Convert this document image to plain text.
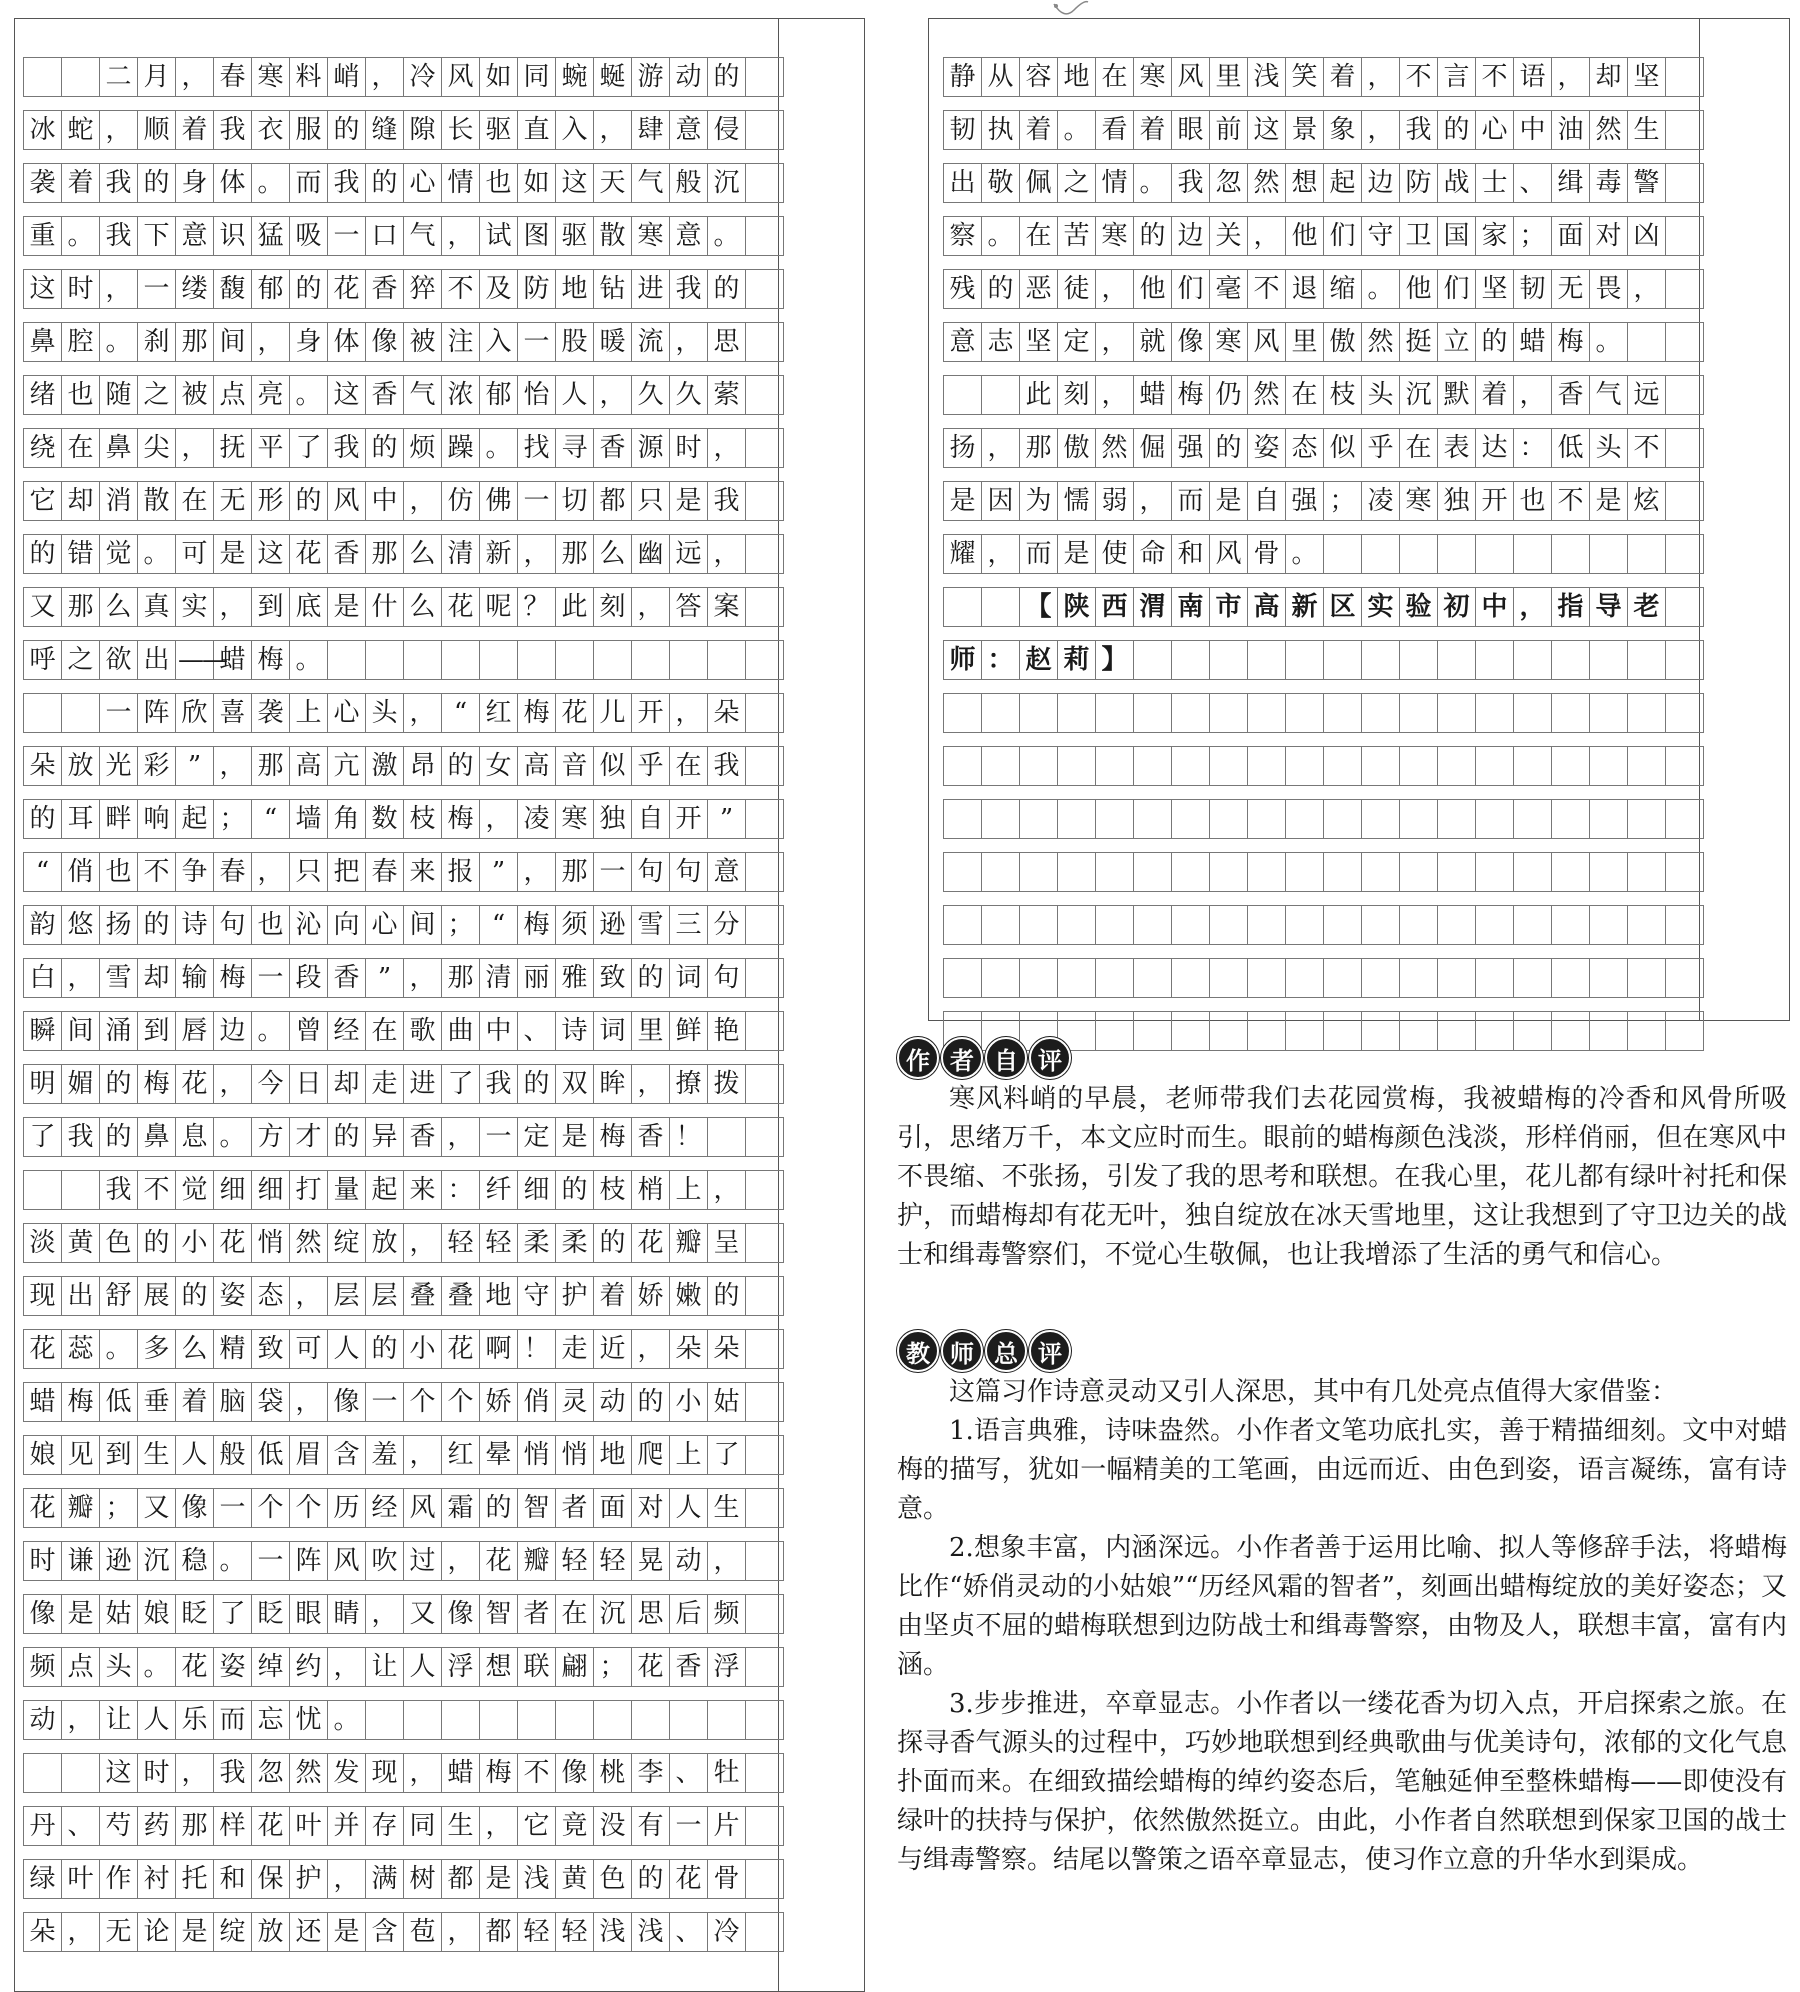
二 月 ， 春 寒 料 峭 ， 冷 风 如 同 蜿 蜒 游 动 的
冰 蛇 ， 顺 着 我 衣 服 的 缝 隙 长 驱 直 入 ， 肆 意 侵
袭 着 我 的 身 体 。 而 我 的 心 情 也 如 这 天 气 般 沉
重 。 我 下 意 识 猛 吸 一 口 气 ， 试 图 驱 散 寒 意 。
这 时 ， 一 缕 馥 郁 的 花 香 猝 不 及 防 地 钻 进 我 的
鼻 腔 。 刹 那 间 ， 身 体 像 被 注 入 一 股 暖 流 ， 思
绪 也 随 之 被 点 亮 。 这 香 气 浓 郁 怡 人 ， 久 久 萦
绕 在 鼻 尖 ， 抚 平 了 我 的 烦 躁 。 找 寻 香 源 时 ，
它 却 消 散 在 无 形 的 风 中 ， 仿 佛 一 切 都 只 是 我
的 错 觉 。 可 是 这 花 香 那 么 清 新 ， 那 么 幽 远 ，
又 那 么 真 实 ， 到 底 是 什 么 花 呢 ？ 此 刻 ， 答 案
呼 之 欲 出 ——
蜡 梅 。
一 阵 欣 喜 袭 上 心 头 ， “ 红 梅 花 儿 开 ， 朵
朵 放 光 彩 ” ， 那 高 亢 激 昂 的 女 高 音 似 乎 在 我
的 耳 畔 响 起 ； “ 墙 角 数 枝 梅 ， 凌 寒 独 自 开 ”
“ 俏 也 不 争 春 ， 只 把 春 来 报 ” ， 那 一 句 句 意
韵 悠 扬 的 诗 句 也 沁 向 心 间 ； “ 梅 须 逊 雪 三 分
白 ， 雪 却 输 梅 一 段 香 ” ， 那 清 丽 雅 致 的 词 句
瞬 间 涌 到 唇 边 。 曾 经 在 歌 曲 中 、 诗 词 里 鲜 艳
明 媚 的 梅 花 ， 今 日 却 走 进 了 我 的 双 眸 ， 撩 拨
了 我 的 鼻 息 。 方 才 的 异 香 ， 一 定 是 梅 香 ！
我 不 觉 细 细 打 量 起 来 ： 纤 细 的 枝 梢 上 ，
淡 黄 色 的 小 花 悄 然 绽 放 ， 轻 轻 柔 柔 的 花 瓣 呈
现 出 舒 展 的 姿 态 ， 层 层 叠 叠 地 守 护 着 娇 嫩 的
花 蕊 。 多 么 精 致 可 人 的 小 花 啊 ！ 走 近 ， 朵 朵
蜡 梅 低 垂 着 脑 袋 ， 像 一 个 个 娇 俏 灵 动 的 小 姑
娘 见 到 生 人 般 低 眉 含 羞 ， 红 晕 悄 悄 地 爬 上 了
花 瓣 ； 又 像 一 个 个 历 经 风 霜 的 智 者 面 对 人 生
时 谦 逊 沉 稳 。 一 阵 风 吹 过 ， 花 瓣 轻 轻 晃 动 ，
像 是 姑 娘 眨 了 眨 眼 睛 ， 又 像 智 者 在 沉 思 后 频
频 点 头 。 花 姿 绰 约 ， 让 人 浮 想 联 翩 ； 花 香 浮
动 ， 让 人 乐 而 忘 忧 。
这 时 ， 我 忽 然 发 现 ， 蜡 梅 不 像 桃 李 、 牡
丹 、 芍 药 那 样 花 叶 并 存 同 生 ， 它 竟 没 有 一 片
绿 叶 作 衬 托 和 保 护 ， 满 树 都 是 浅 黄 色 的 花 骨
朵 ， 无 论 是 绽 放 还 是 含 苞 ， 都 轻 轻 浅 浅 、 冷
静 从 容 地 在 寒 风 里 浅 笑 着 ， 不 言 不 语 ， 却 坚
韧 执 着 。 看 着 眼 前 这 景 象 ， 我 的 心 中 油 然 生
出 敬 佩 之 情 。 我 忽 然 想 起 边 防 战 士 、 缉 毒 警
察 。 在 苦 寒 的 边 关 ， 他 们 守 卫 国 家 ； 面 对 凶
残 的 恶 徒 ， 他 们 毫 不 退 缩 。 他 们 坚 韧 无 畏 ，
意 志 坚 定 ， 就 像 寒 风 里 傲 然 挺 立 的 蜡 梅 。
此 刻 ， 蜡 梅 仍 然 在 枝 头 沉 默 着 ， 香 气 远
扬 ， 那 傲 然 倔 强 的 姿 态 似 乎 在 表 达 ： 低 头 不
是 因 为 懦 弱 ， 而 是 自 强 ； 凌 寒 独 开 也 不 是 炫
耀 ， 而 是 使 命 和 风 骨 。
【 陕 西 渭 南 市 高 新 区 实 验 初 中 ， 指 导 老
师 ： 赵 莉 】
作 者 自 评

寒风料峭的早晨，老师带我们去花园赏梅，我被蜡梅的冷香和风骨所吸引，思绪万千，本文应时而生。眼前的蜡梅颜色浅淡，形样俏丽，但在寒风中不畏缩、不张扬，引发了我的思考和联想。在我心里，花儿都有绿叶衬托和保护，而蜡梅却有花无叶，独自绽放在冰天雪地里，这让我想到了守卫边关的战士和缉毒警察们，不觉心生敬佩，也让我增添了生活的勇气和信心。

教 师 总 评

这篇习作诗意灵动又引人深思，其中有几处亮点值得大家借鉴：

1.语言典雅，诗味盎然。小作者文笔功底扎实，善于精描细刻。文中对蜡梅的描写，犹如一幅精美的工笔画，由远而近、由色到姿，语言凝练，富有诗意。

2.想象丰富，内涵深远。小作者善于运用比喻、拟人等修辞手法，将蜡梅比作“娇俏灵动的小姑娘”“历经风霜的智者”，刻画出蜡梅绽放的美好姿态；又由坚贞不屈的蜡梅联想到边防战士和缉毒警察，由物及人，联想丰富，富有内涵。

3.步步推进，卒章显志。小作者以一缕花香为切入点，开启探索之旅。在探寻香气源头的过程中，巧妙地联想到经典歌曲与优美诗句，浓郁的文化气息扑面而来。在细致描绘蜡梅的绰约姿态后，笔触延伸至整株蜡梅——即使没有绿叶的扶持与保护，依然傲然挺立。由此，小作者自然联想到保家卫国的战士与缉毒警察。结尾以警策之语卒章显志，使习作立意的升华水到渠成。
